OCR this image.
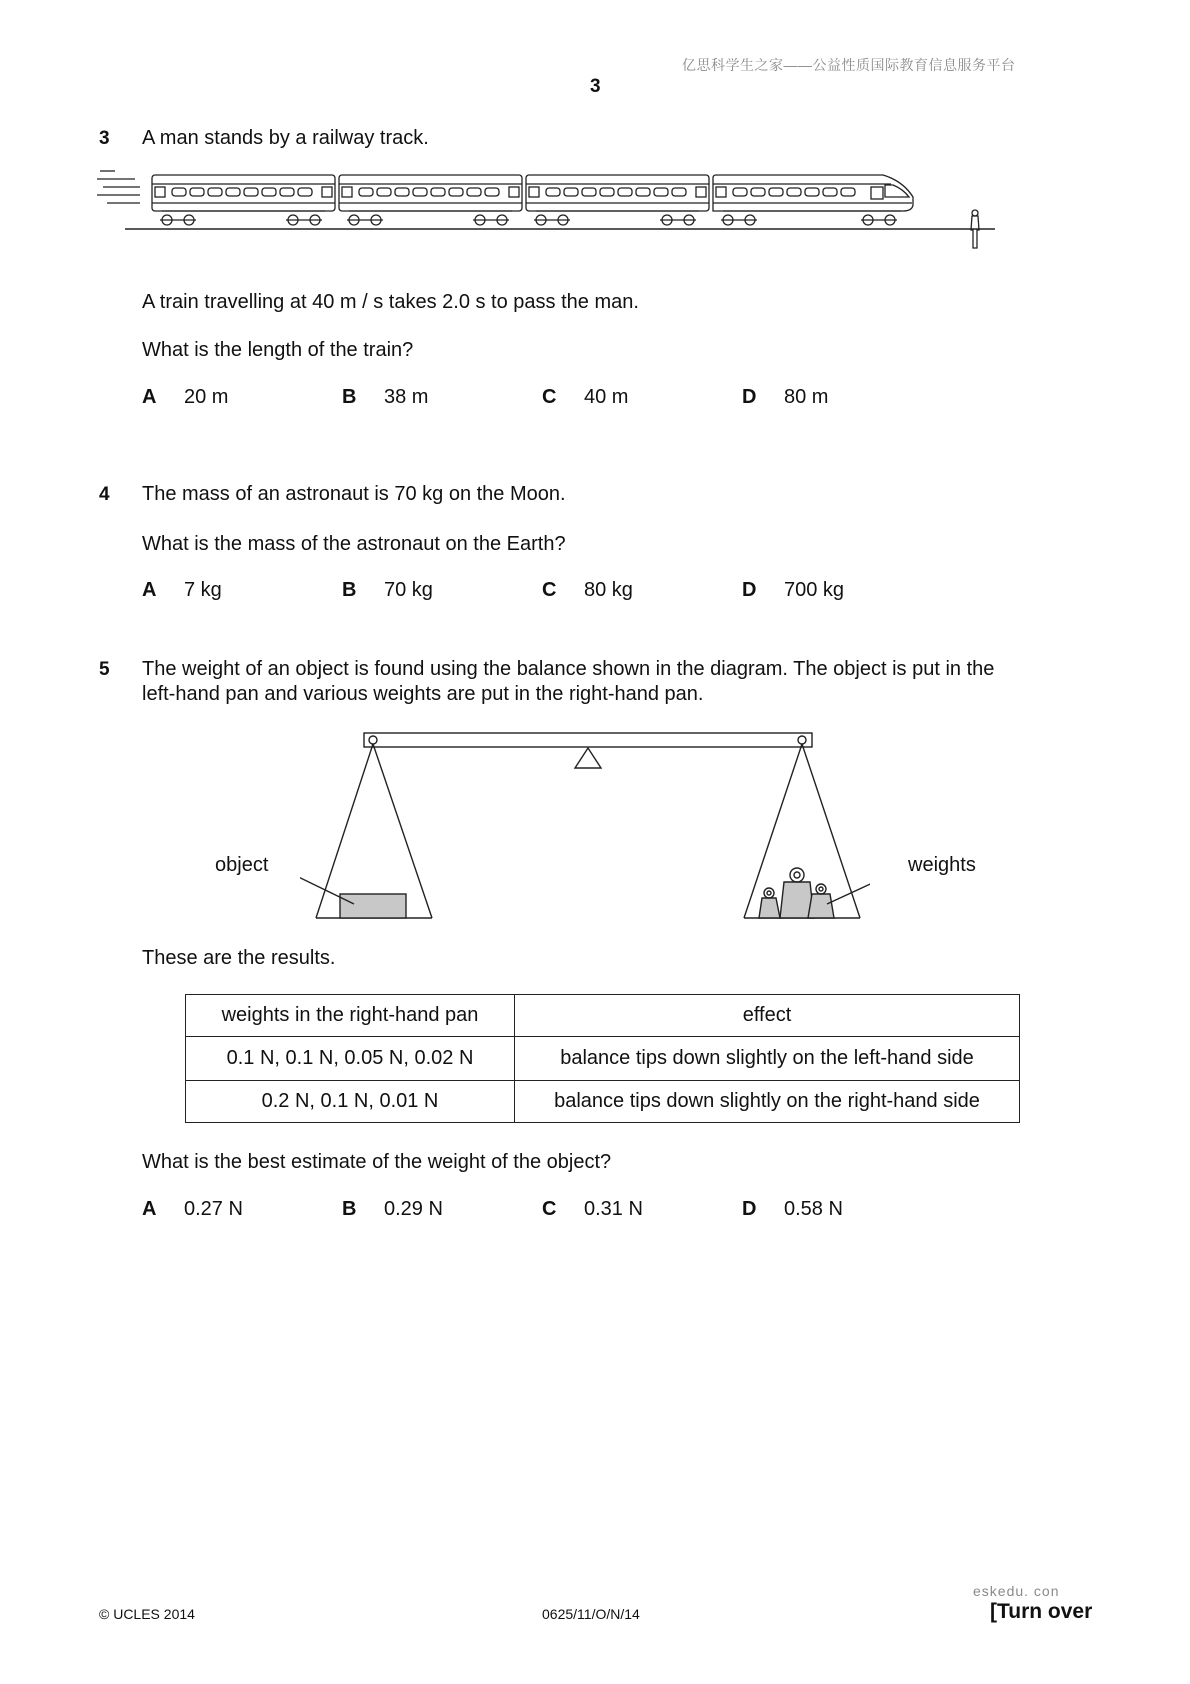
亿思科学生之家——公益性质国际教育信息服务平台
3
3 A man stands by a railway track.
A train travelling at 40 m / s takes 2.0 s to pass the man.
What is the length of the train?
A 20 m	B 38 m	C 40 m	D 80 m
4 The mass of an astronaut is 70 kg on the Moon.
What is the mass of the astronaut on the Earth?
A 7 kg	B 70 kg	C 80 kg	D 700 kg
5 The weight of an object is found using the balance shown in the diagram. The object is put in the
left-hand pan and various weights are put in the right-hand pan.
object	weights
These are the results.
weights in the right-hand pan	effect
0.1 N, 0.1 N, 0.05 N, 0.02 N	balance tips down slightly on the left-hand side
0.2 N, 0.1 N, 0.01 N	balance tips down slightly on the right-hand side
What is the best estimate of the weight of the object?
A 0.27 N	B 0.29 N	C 0.31 N	D 0.58 N
eskedu. con
© UCLES 2014	0625/11/O/N/14	[Turn over
